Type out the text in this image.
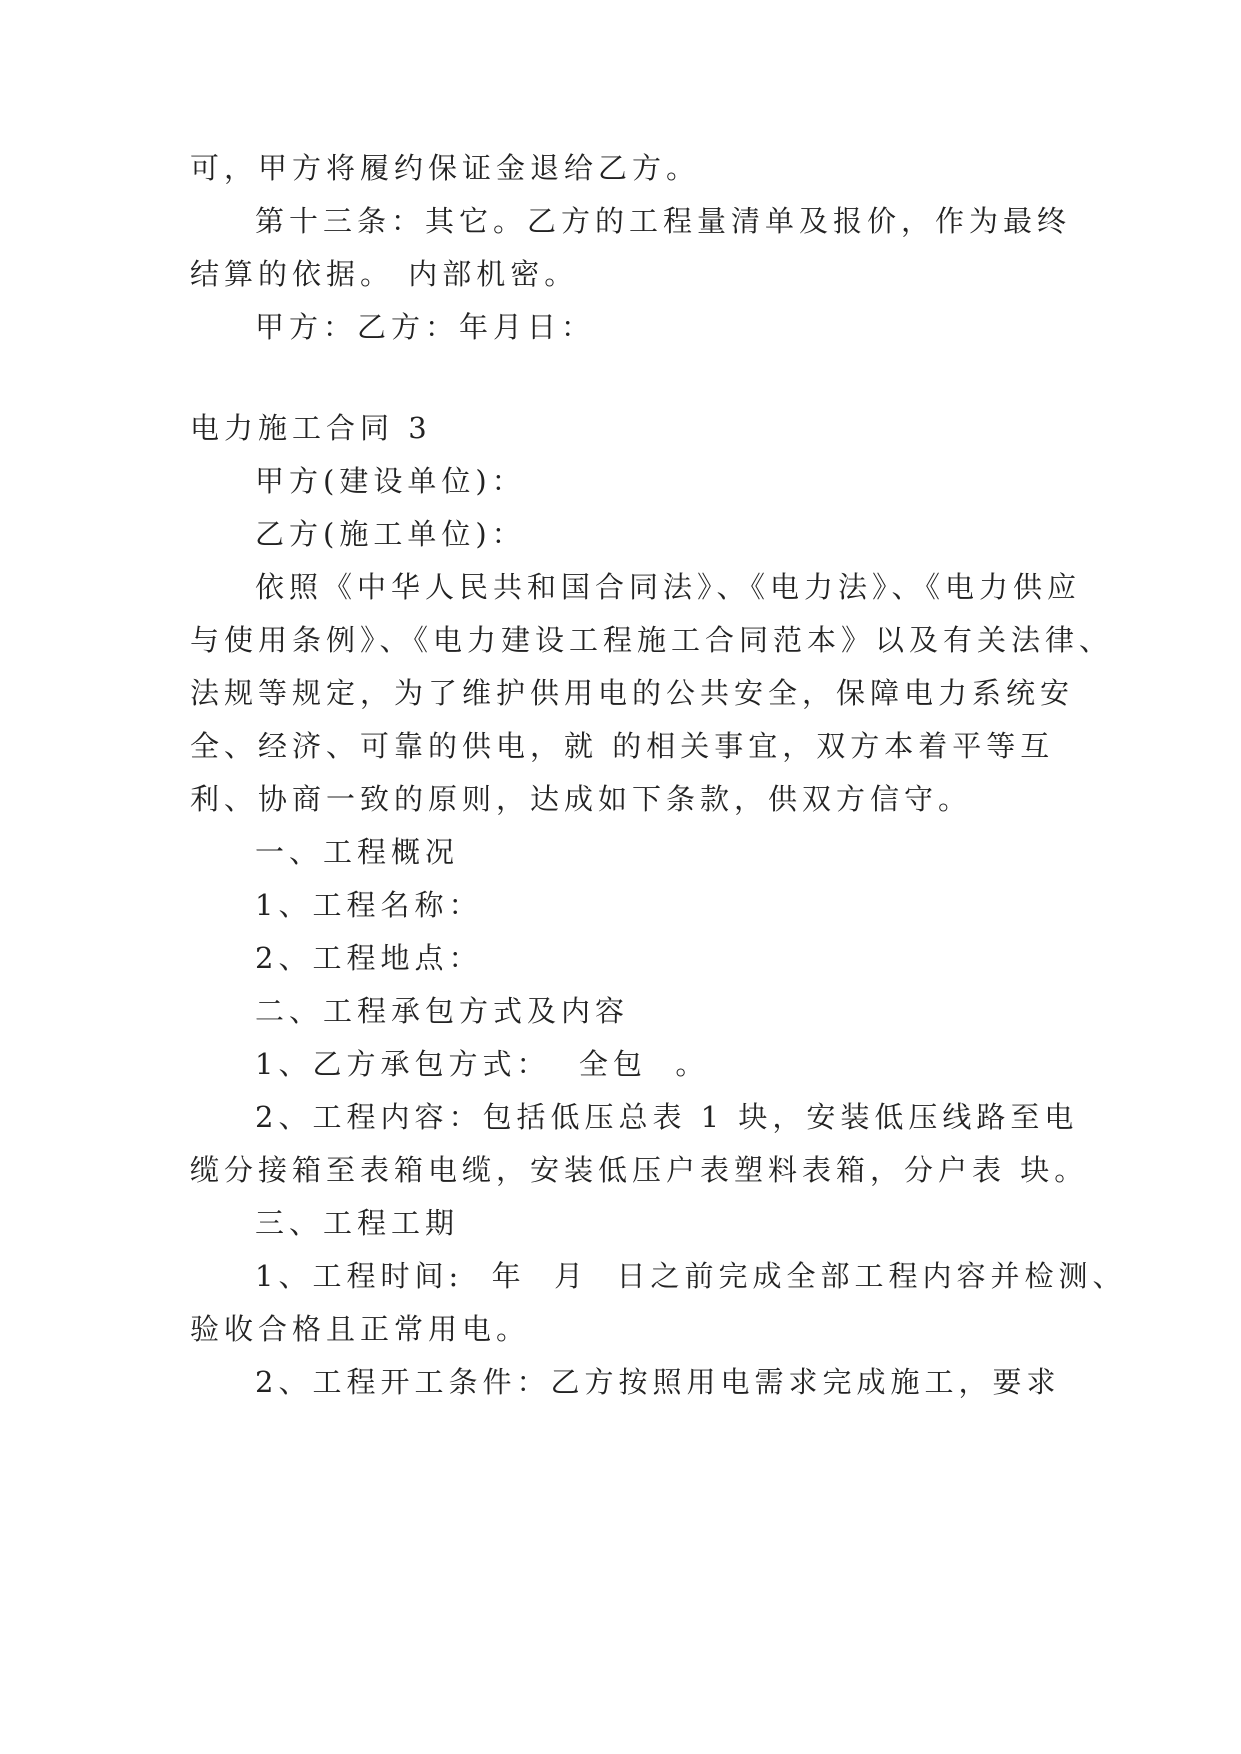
可，甲方将履约保证金退给乙方。
第十三条：其它。乙方的工程量清单及报价，作为最终
结算的依据。 内部机密。
甲方：乙方：年月日：
电力施工合同 3
甲方(建设单位)：
乙方(施工单位)：
依照《中华人民共和国合同法》、《电力法》、《电力供应
与使用条例》、《电力建设工程施工合同范本》以及有关法律、
法规等规定，为了维护供用电的公共安全，保障电力系统安
全、经济、可靠的供电，就 的相关事宜，双方本着平等互
利、协商一致的原则，达成如下条款，供双方信守。
一、工程概况
1、工程名称：
2、工程地点：
二、工程承包方式及内容
1、乙方承包方式：  全包  。
2、工程内容：包括低压总表 1 块，安装低压线路至电
缆分接箱至表箱电缆，安装低压户表塑料表箱，分户表 块。
三、工程工期
1、工程时间:  年  月  日之前完成全部工程内容并检测、
验收合格且正常用电。
2、工程开工条件：乙方按照用电需求完成施工，要求
